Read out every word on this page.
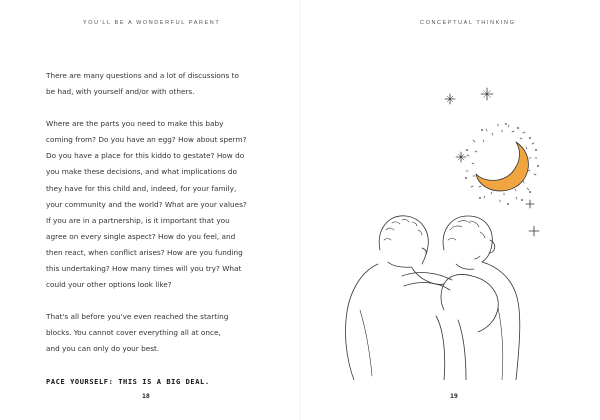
YOU'LL BE A WONDERFUL PARENT

There are many questions and a lot of discussions to
be had, with yourself and/or with others.

Where are the parts you need to make this baby
coming from? Do you have an egg? How about sperm?
Do you have a place for this kiddo to gestate? How do
you make these decisions, and what implications do
they have for this child and, indeed, for your family,
your community and the world? What are your values?
If you are in a partnership, is it important that you
agree on every single aspect? How do you feel, and
then react, when conflict arises? How are you funding
this undertaking? How many times will you try? What
could your other options look like?

That's all before you've even reached the starting
blocks. You cannot cover everything all at once,
and you can only do your best.

PACE YOURSELF: THIS IS A BIG DEAL.

18
CONCEPTUAL THINKING
19
